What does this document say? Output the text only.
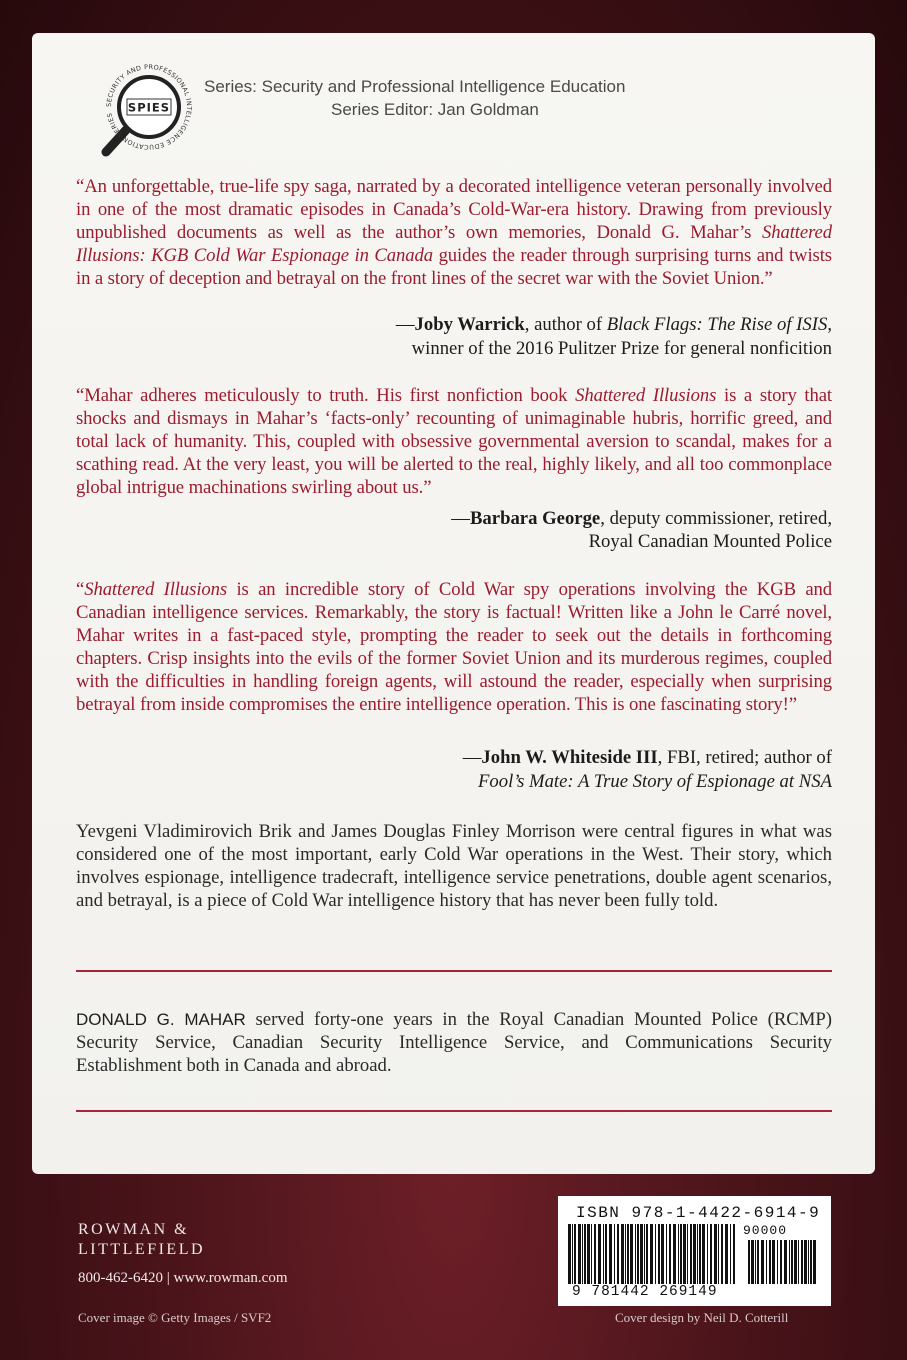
SECURITY AND PROFESSIONAL INTELLIGENCE EDUCATION SERIES
SPIES
Series: Security and Professional Intelligence Education
Series Editor: Jan Goldman
“An unforgettable, true-life spy saga, narrated by a decorated intelligence veteran personally involved in one of the most dramatic episodes in Canada’s Cold-War-era history. Drawing from previously unpublished documents as well as the author’s own memories, Donald G. Mahar’s Shattered Illusions: KGB Cold War Espionage in Canada guides the reader through surprising turns and twists in a story of deception and betrayal on the front lines of the secret war with the Soviet Union.”
—Joby Warrick, author of Black Flags: The Rise of ISIS,
winner of the 2016 Pulitzer Prize for general nonficition
“Mahar adheres meticulously to truth. His first nonfiction book Shattered Illusions is a story that shocks and dismays in Mahar’s ‘facts-only’ recounting of unimaginable hubris, horrific greed, and total lack of humanity. This, coupled with obsessive governmental aversion to scandal, makes for a scathing read. At the very least, you will be alerted to the real, highly likely, and all too commonplace global intrigue machinations swirling about us.”
—Barbara George, deputy commissioner, retired,
Royal Canadian Mounted Police
“Shattered Illusions is an incredible story of Cold War spy operations involving the KGB and Canadian intelligence services. Remarkably, the story is factual! Written like a John le Carré novel, Mahar writes in a fast-paced style, prompting the reader to seek out the details in forthcoming chapters. Crisp insights into the evils of the former Soviet Union and its murderous regimes, coupled with the difficulties in handling foreign agents, will astound the reader, especially when surprising betrayal from inside compromises the entire intelligence operation. This is one fascinating story!”
—John W. Whiteside III, FBI, retired; author of
Fool’s Mate: A True Story of Espionage at NSA
Yevgeni Vladimirovich Brik and James Douglas Finley Morrison were central figures in what was considered one of the most important, early Cold War operations in the West. Their story, which involves espionage, intelligence tradecraft, intelligence service penetrations, double agent scenarios, and betrayal, is a piece of Cold War intelligence history that has never been fully told.
DONALD G. MAHAR served forty-one years in the Royal Canadian Mounted Police (RCMP) Security Service, Canadian Security Intelligence Service, and Communications Security Establishment both in Canada and abroad.
ROWMAN &
LITTLEFIELD
800-462-6420 | www.rowman.com
Cover image © Getty Images / SVF2	Cover design by Neil D. Cotterill
ISBN 978-1-4422-6914-9
90000
9 781442 269149
